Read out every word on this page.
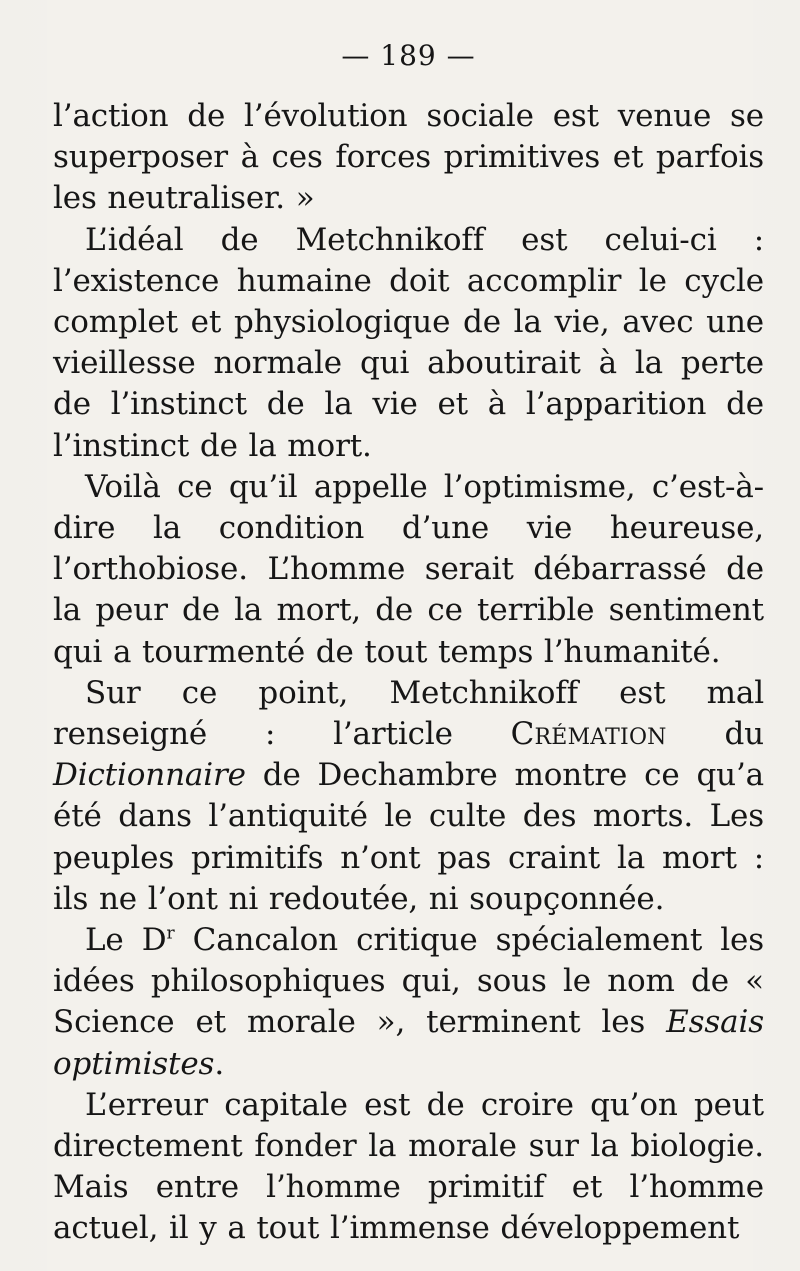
— 189 —

l’action de l’évolution sociale est venue se superposer à ces forces primitives et parfois les neutraliser. »

L’idéal de Metchnikoff est celui-ci : l’existence humaine doit accomplir le cycle complet et physiologique de la vie, avec une vieillesse normale qui aboutirait à la perte de l’instinct de la vie et à l’apparition de l’instinct de la mort.

Voilà ce qu’il appelle l’optimisme, c’est-à-dire la condition d’une vie heureuse, l’orthobiose. L’homme serait débarrassé de la peur de la mort, de ce terrible sentiment qui a tourmenté de tout temps l’humanité.

Sur ce point, Metchnikoff est mal renseigné : l’article Crémation du Dictionnaire de Dechambre montre ce qu’a été dans l’antiquité le culte des morts. Les peuples primitifs n’ont pas craint la mort : ils ne l’ont ni redoutée, ni soupçonnée.

Le $D^r$ Cancalon critique spécialement les idées philosophiques qui, sous le nom de « Science et morale », terminent les Essais optimistes.

L’erreur capitale est de croire qu’on peut directement fonder la morale sur la biologie. Mais entre l’homme primitif et l’homme actuel, il y a tout l’immense développement
